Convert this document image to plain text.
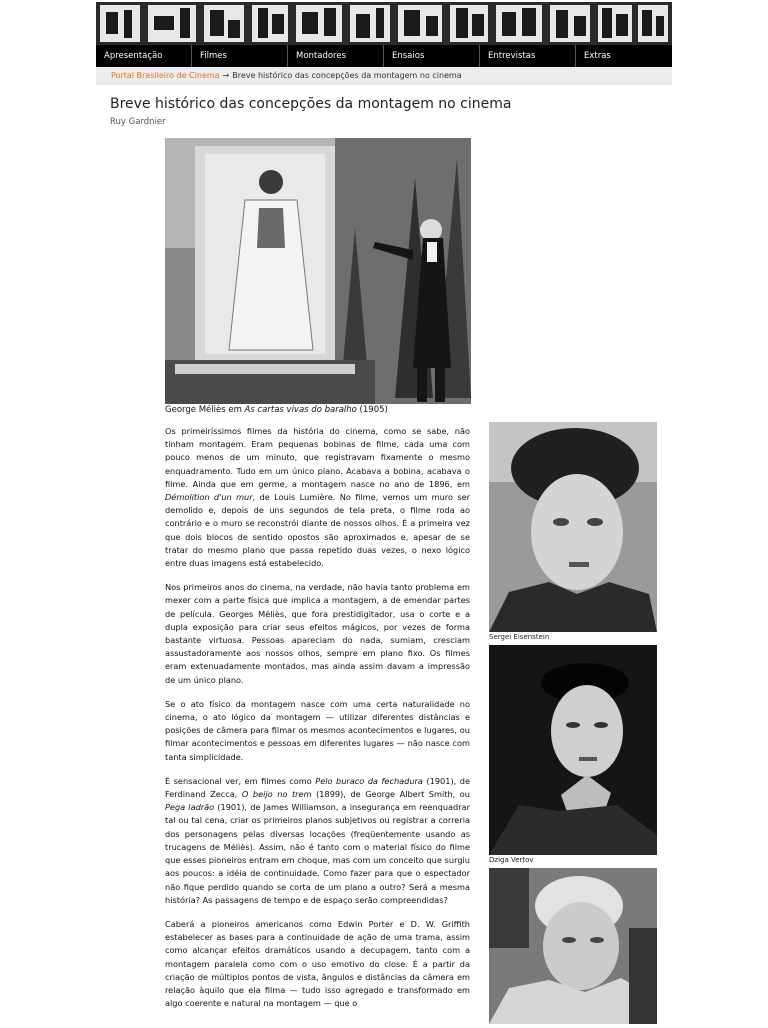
Apresentação	Filmes	Montadores	Ensaios	Entrevistas	Extras
Portal Brasileiro de Cinema → Breve histórico das concepções da montagem no cinema
Breve histórico das concepções da montagem no cinema
Ruy Gardnier
George Méliès em As cartas vivas do baralho (1905)

Os primeiríssimos filmes da história do cinema, como se sabe, não tinham montagem. Eram pequenas bobinas de filme, cada uma com pouco menos de um minuto, que registravam fixamente o mesmo enquadramento. Tudo em um único plano. Acabava a bobina, acabava o filme. Ainda que em germe, a montagem nasce no ano de 1896, em Démolition d'un mur, de Louis Lumière. No filme, vemos um muro ser demolido e, depois de uns segundos de tela preta, o filme roda ao contrário e o muro se reconstrói diante de nossos olhos. É a primeira vez que dois blocos de sentido opostos são aproximados e, apesar de se tratar do mesmo plano que passa repetido duas vezes, o nexo lógico entre duas imagens está estabelecido.

Nos primeiros anos do cinema, na verdade, não havia tanto problema em mexer com a parte física que implica a montagem, a de emendar partes de película. Georges Méliès, que fora prestidigitador, usa o corte e a dupla exposição para criar seus efeitos mágicos, por vezes de forma bastante virtuosa. Pessoas apareciam do nada, sumiam, cresciam assustadoramente aos nossos olhos, sempre em plano fixo. Os filmes eram extenuadamente montados, mas ainda assim davam a impressão de um único plano.

Se o ato físico da montagem nasce com uma certa naturalidade no cinema, o ato lógico da montagem — utilizar diferentes distâncias e posições de câmera para filmar os mesmos acontecimentos e lugares, ou filmar acontecimentos e pessoas em diferentes lugares — não nasce com tanta simplicidade.

É sensacional ver, em filmes como Pelo buraco da fechadura (1901), de Ferdinand Zecca, O beijo no trem (1899), de George Albert Smith, ou Pega ladrão (1901), de James Williamson, a insegurança em reenquadrar tal ou tal cena, criar os primeiros planos subjetivos ou registrar a correria dos personagens pelas diversas locações (freqüentemente usando as trucagens de Méliès). Assim, não é tanto com o material físico do filme que esses pioneiros entram em choque, mas com um conceito que surgiu aos poucos: a idéia de continuidade. Como fazer para que o espectador não fique perdido quando se corta de um plano a outro? Será a mesma história? As passagens de tempo e de espaço serão compreendidas?

Caberá a pioneiros americanos como Edwin Porter e D. W. Griffith estabelecer as bases para a continuidade de ação de uma trama, assim como alcançar efeitos dramáticos usando a decupagem, tanto com a montagem paralela como com o uso emotivo do close. É a partir da criação de múltiplos pontos de vista, ângulos e distâncias da câmera em relação àquilo que ela filma — tudo isso agregado e transformado em algo coerente e natural na montagem — que o

Sergei Eisenstein
Dziga Vertov
